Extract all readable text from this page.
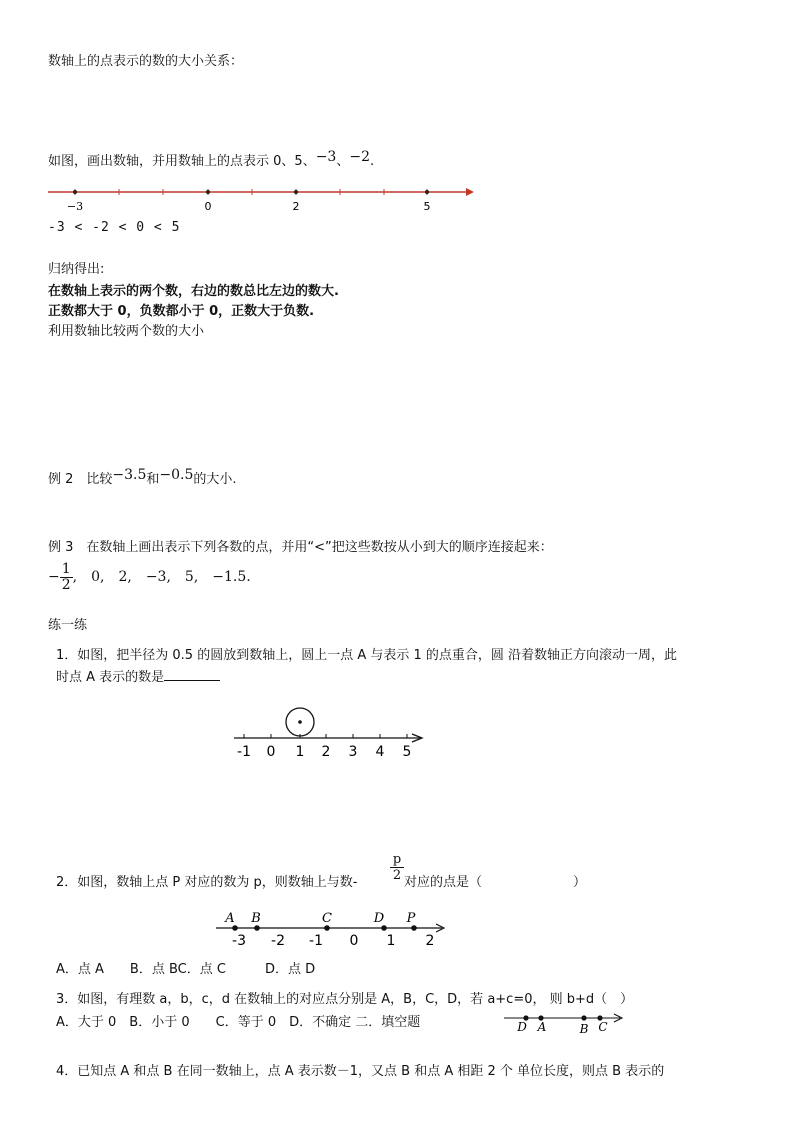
数轴上的点表示的数的大小关系：
如图，画出数轴，并用数轴上的点表示 0、5、−3、−2.
−3	0	2	5
-3 < -2 < 0 < 5
归纳得出:
在数轴上表示的两个数，右边的数总比左边的数大.
正数都大于 0，负数都小于 0，正数大于负数.
利用数轴比较两个数的大小
例 2　比较−3.5和−0.5的大小.
例 3　在数轴上画出表示下列各数的点，并用“<”把这些数按从小到大的顺序连接起来：
− $\frac{1}{2}$ ,　0,　2,　−3,　5,　−1.5.
练一练
1．如图，把半径为 0.5 的圆放到数轴上，圆上一点 A 与表示 1 的点重合，圆 沿着数轴正方向滚动一周，此
时点 A 表示的数是
-1 0 1 2 3 4 5
2．如图，数轴上点 P 对应的数为 p，则数轴上与数-	$\frac{p}{2}$ 对应的点是（　　　　　　　）
A B	C	D P
-3 -2 -1 0 1 2
A．点 A　　B．点 BC．点 C　　　D．点 D
3．如图，有理数 a，b，c，d 在数轴上的对应点分别是 A，B，C，D，若 a+c=0， 则 b+d（　）
A．大于 0　B．小于 0　　C．等于 0　D．不确定 二．填空题	D A	B C
4．已知点 A 和点 B 在同一数轴上，点 A 表示数－1，又点 B 和点 A 相距 2 个 单位长度，则点 B 表示的
